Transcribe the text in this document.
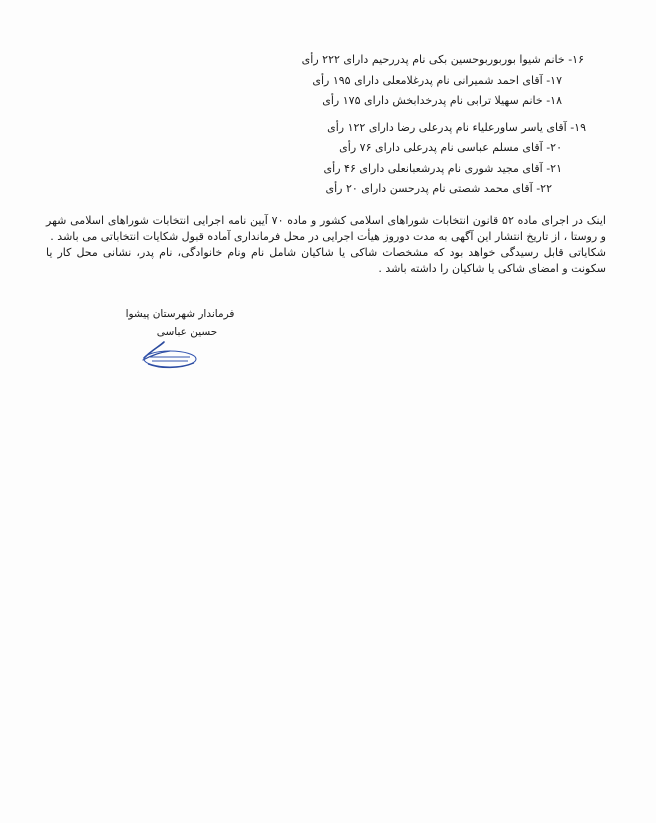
۱۶- خانم شیوا بوربوربوحسین بکی نام پدررحیم دارای ۲۲۲ رأی
۱۷- آقای احمد شمیرانی نام پدرغلامعلی دارای ۱۹۵ رأی
۱۸- خانم سهیلا ترابی نام پدرخدابخش دارای ۱۷۵ رأی
۱۹- آقای یاسر ساورعلیاء نام پدرعلی رضا دارای ۱۲۲ رأی
۲۰- آقای مسلم عباسی نام پدرعلی دارای ۷۶ رأی
۲۱- آقای مجید شوری نام پدرشعبانعلی دارای ۴۶ رأی
۲۲- آقای محمد شصتی نام پدرحسن دارای ۲۰ رأی

اینک در اجرای ماده ۵۲ قانون انتخابات شوراهای اسلامی کشور و ماده ۷۰ آیین نامه اجرایی انتخابات شوراهای اسلامی شهر و روستا ، از تاریخ انتشار این آگهی به مدت دوروز هیأت اجرایی در محل فرمانداری آماده قبول شکایات انتخاباتی می باشد .

شکایاتی قابل رسیدگی خواهد بود که مشخصات شاکی یا شاکیان شامل نام ونام خانوادگی، نام پدر، نشانی محل کار یا سکونت و امضای شاکی یا شاکیان را داشته باشد .

فرماندار شهرستان پیشوا
حسین عباسی
